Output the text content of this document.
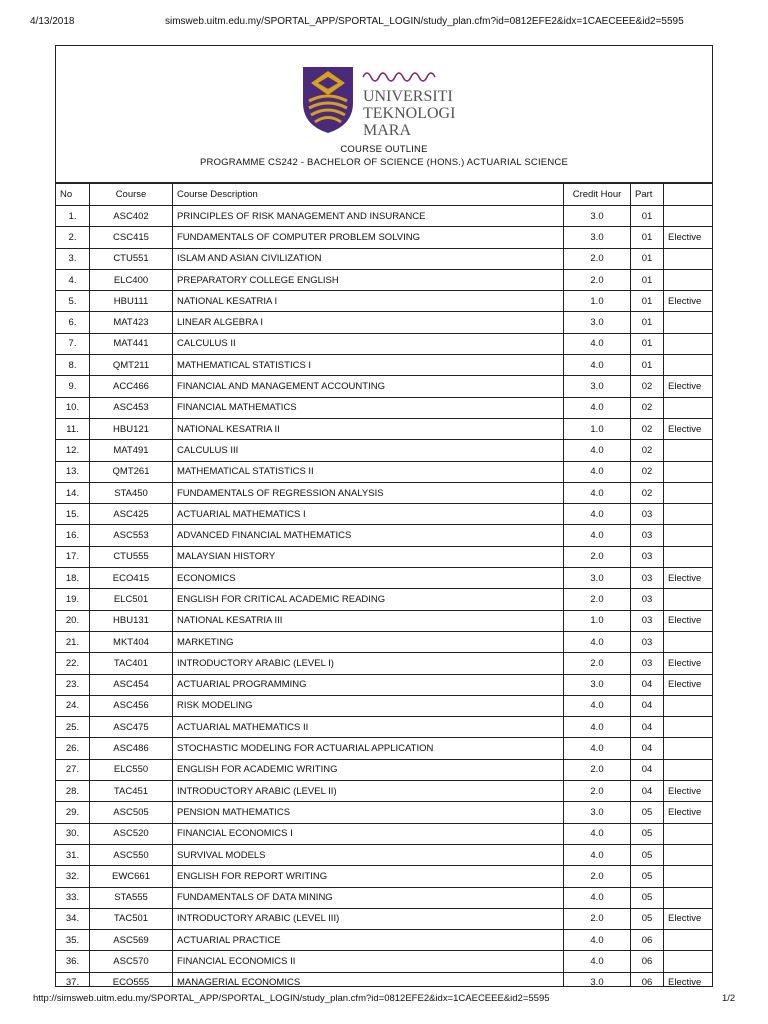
4/13/2018	simsweb.uitm.edu.my/SPORTAL_APP/SPORTAL_LOGIN/study_plan.cfm?id=0812EFE2&idx=1CAECEEE&id2=5595
UNIVERSITI
TEKNOLOGI
MARA
COURSE OUTLINE
PROGRAMME CS242 - BACHELOR OF SCIENCE (HONS.) ACTUARIAL SCIENCE
No	Course	Course Description	Credit Hour	Part	
1.	ASC402	PRINCIPLES OF RISK MANAGEMENT AND INSURANCE	3.0	01	
2.	CSC415	FUNDAMENTALS OF COMPUTER PROBLEM SOLVING	3.0	01	Elective
3.	CTU551	ISLAM AND ASIAN CIVILIZATION	2.0	01	
4.	ELC400	PREPARATORY COLLEGE ENGLISH	2.0	01	
5.	HBU111	NATIONAL KESATRIA I	1.0	01	Elective
6.	MAT423	LINEAR ALGEBRA I	3.0	01	
7.	MAT441	CALCULUS II	4.0	01	
8.	QMT211	MATHEMATICAL STATISTICS I	4.0	01	
9.	ACC466	FINANCIAL AND MANAGEMENT ACCOUNTING	3.0	02	Elective
10.	ASC453	FINANCIAL MATHEMATICS	4.0	02	
11.	HBU121	NATIONAL KESATRIA II	1.0	02	Elective
12.	MAT491	CALCULUS III	4.0	02	
13.	QMT261	MATHEMATICAL STATISTICS II	4.0	02	
14.	STA450	FUNDAMENTALS OF REGRESSION ANALYSIS	4.0	02	
15.	ASC425	ACTUARIAL MATHEMATICS I	4.0	03	
16.	ASC553	ADVANCED FINANCIAL MATHEMATICS	4.0	03	
17.	CTU555	MALAYSIAN HISTORY	2.0	03	
18.	ECO415	ECONOMICS	3.0	03	Elective
19.	ELC501	ENGLISH FOR CRITICAL ACADEMIC READING	2.0	03	
20.	HBU131	NATIONAL KESATRIA III	1.0	03	Elective
21.	MKT404	MARKETING	4.0	03	
22.	TAC401	INTRODUCTORY ARABIC (LEVEL I)	2.0	03	Elective
23.	ASC454	ACTUARIAL PROGRAMMING	3.0	04	Elective
24.	ASC456	RISK MODELING	4.0	04	
25.	ASC475	ACTUARIAL MATHEMATICS II	4.0	04	
26.	ASC486	STOCHASTIC MODELING FOR ACTUARIAL APPLICATION	4.0	04	
27.	ELC550	ENGLISH FOR ACADEMIC WRITING	2.0	04	
28.	TAC451	INTRODUCTORY ARABIC (LEVEL II)	2.0	04	Elective
29.	ASC505	PENSION MATHEMATICS	3.0	05	Elective
30.	ASC520	FINANCIAL ECONOMICS I	4.0	05	
31.	ASC550	SURVIVAL MODELS	4.0	05	
32.	EWC661	ENGLISH FOR REPORT WRITING	2.0	05	
33.	STA555	FUNDAMENTALS OF DATA MINING	4.0	05	
34.	TAC501	INTRODUCTORY ARABIC (LEVEL III)	2.0	05	Elective
35.	ASC569	ACTUARIAL PRACTICE	4.0	06	
36.	ASC570	FINANCIAL ECONOMICS II	4.0	06	
37.	ECO555	MANAGERIAL ECONOMICS	3.0	06	Elective
http://simsweb.uitm.edu.my/SPORTAL_APP/SPORTAL_LOGIN/study_plan.cfm?id=0812EFE2&idx=1CAECEEE&id2=5595	1/2
